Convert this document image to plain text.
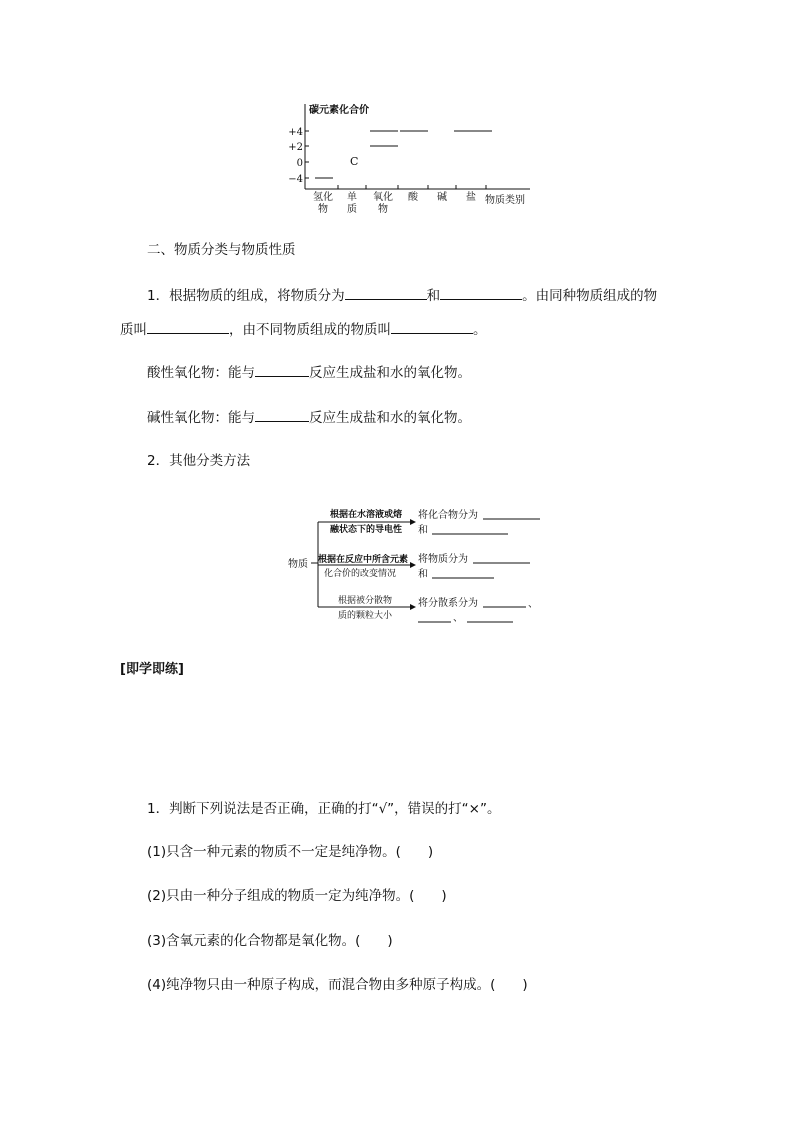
碳元素化合价
+4
+2
0
−4
C
氢化
物
单
质
氧化
物
酸 碱 盐 物质类别
二、物质分类与物质性质
1．根据物质的组成，将物质分为	和	。由同种物质组成的物
质叫	，由不同物质组成的物质叫	。
酸性氧化物：能与	反应生成盐和水的氧化物。
碱性氧化物：能与	反应生成盐和水的氧化物。
2．其他分类方法
物质
根据在水溶液或熔
融状态下的导电性
将化合物分为
和
根据在反应中所含元素
化合价的改变情况
将物质分为
和
根据被分散物
质的颗粒大小
将分散系分为	、
、
[即学即练]
1．判断下列说法是否正确，正确的打“√”，错误的打“×”。
(1)只含一种元素的物质不一定是纯净物。(　　)
(2)只由一种分子组成的物质一定为纯净物。(　　)
(3)含氧元素的化合物都是氧化物。(　　)
(4)纯净物只由一种原子构成，而混合物由多种原子构成。(　　)
